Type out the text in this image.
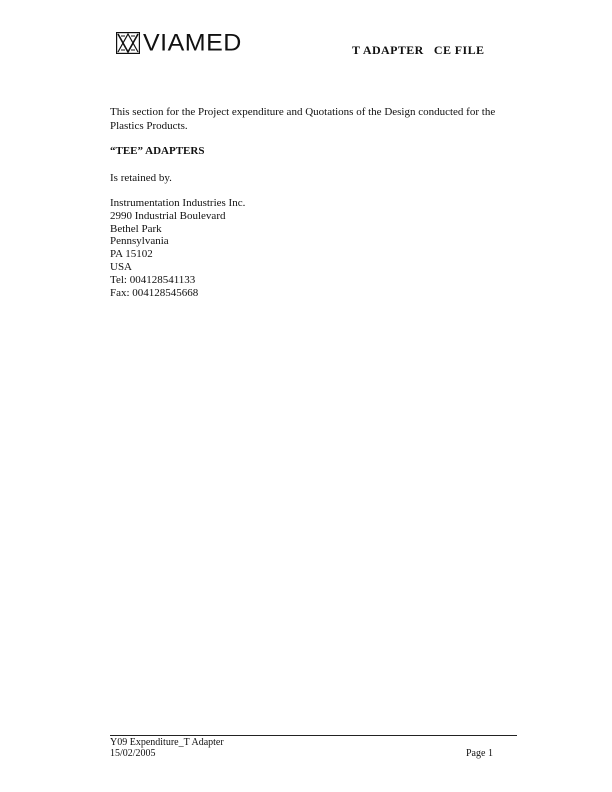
VIAMED	T ADAPTER   CE FILE
This section for the Project expenditure and Quotations of the Design conducted for the Plastics Products.
“TEE” ADAPTERS
Is retained by.
Instrumentation Industries Inc.
2990 Industrial Boulevard
Bethel Park
Pennsylvania
PA 15102
USA
Tel: 004128541133
Fax: 004128545668
Y09 Expenditure_T Adapter
15/02/2005	Page 1
